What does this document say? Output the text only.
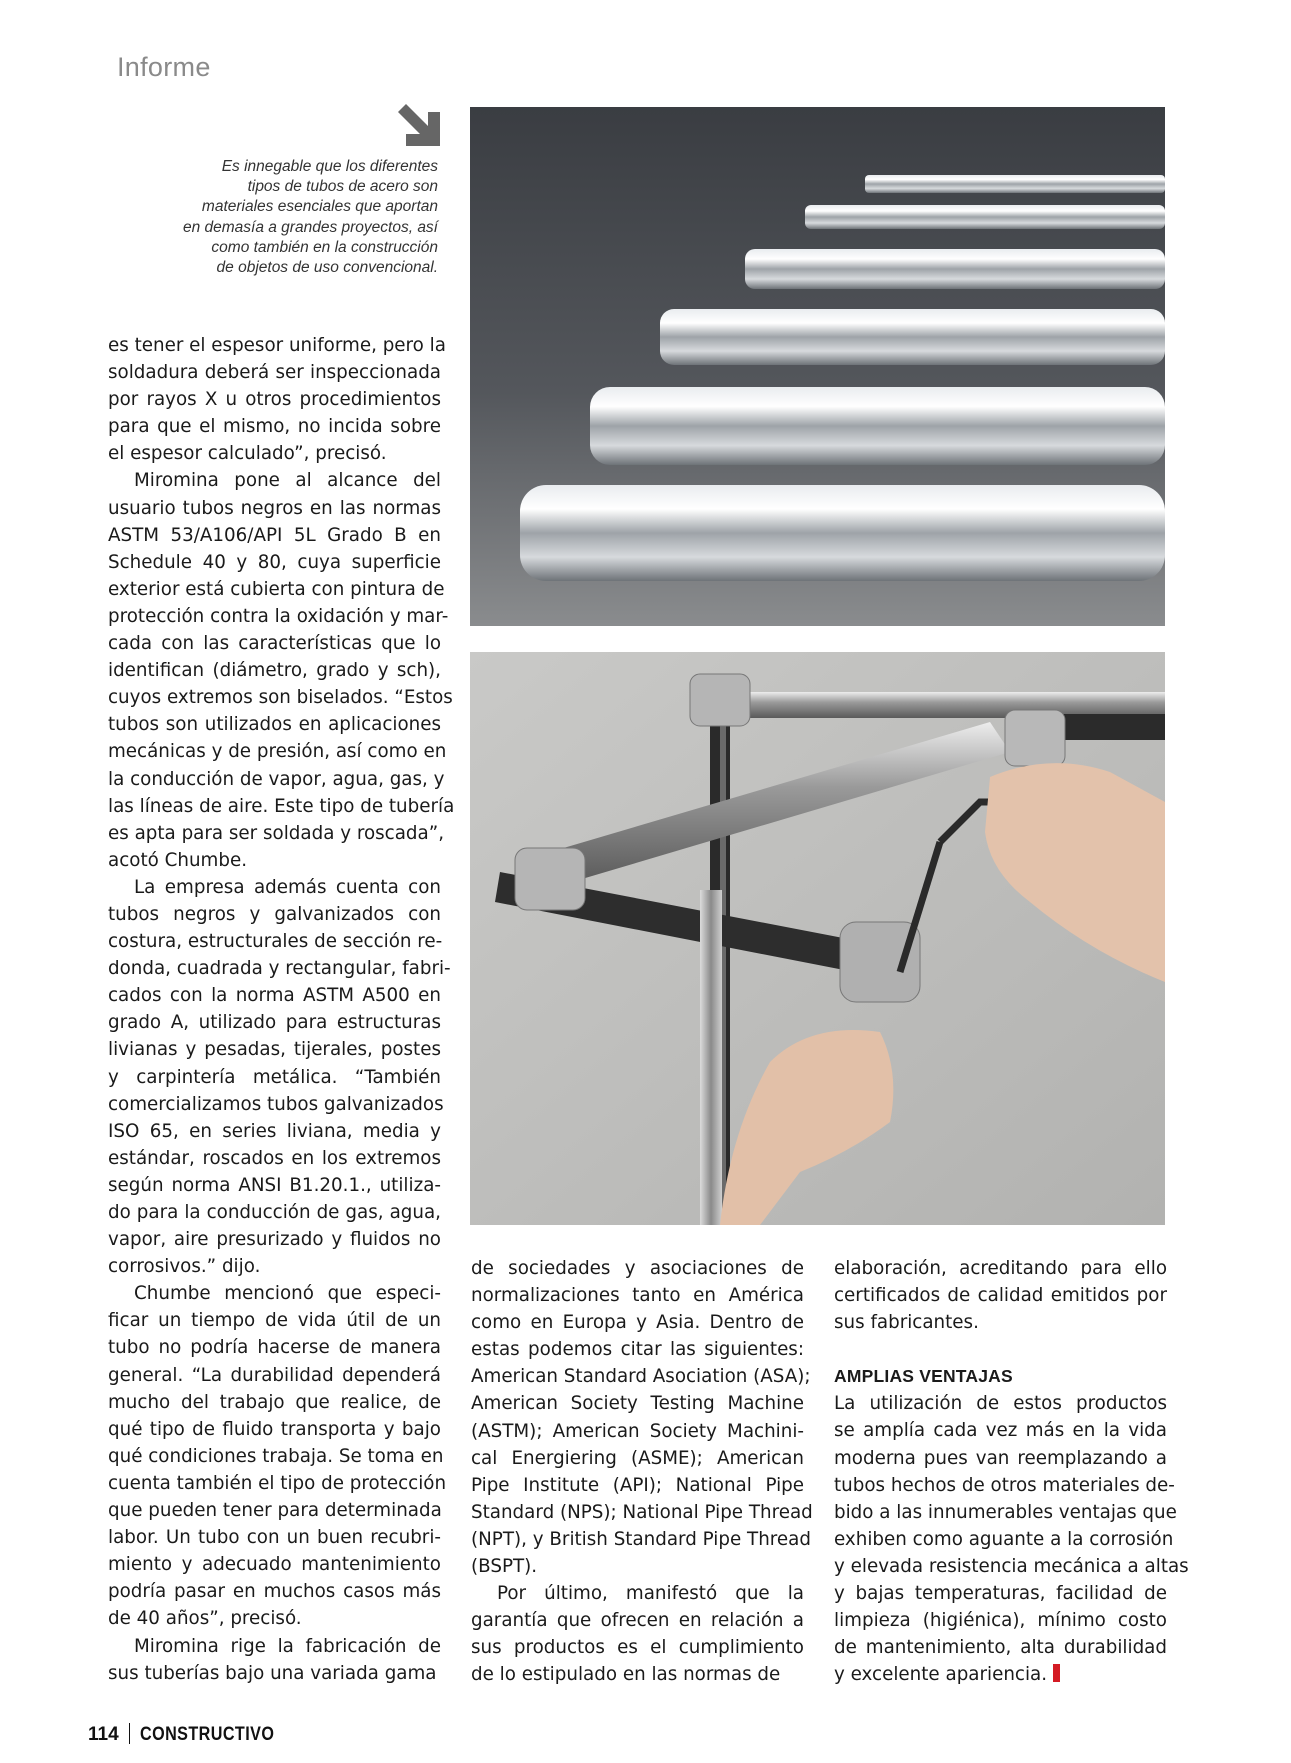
Informe
Es innegable que los diferentes
tipos de tubos de acero son
materiales esenciales que aportan
en demasía a grandes proyectos, así
como también en la construcción
de objetos de uso convencional.

es tener el espesor uniforme, pero la
soldadura deberá ser inspeccionada
por rayos X u otros procedimientos
para que el mismo, no incida sobre
el espesor calculado”, precisó.

Miromina pone al alcance del
usuario tubos negros en las normas
ASTM 53/A106/API 5L Grado B en
Schedule 40 y 80, cuya superficie
exterior está cubierta con pintura de
protección contra la oxidación y mar-
cada con las características que lo
identifican (diámetro, grado y sch),
cuyos extremos son biselados. “Estos
tubos son utilizados en aplicaciones
mecánicas y de presión, así como en
la conducción de vapor, agua, gas, y
las líneas de aire. Este tipo de tubería
es apta para ser soldada y roscada”,
acotó Chumbe.

La empresa además cuenta con
tubos negros y galvanizados con
costura, estructurales de sección re-
donda, cuadrada y rectangular, fabri-
cados con la norma ASTM A500 en
grado A, utilizado para estructuras
livianas y pesadas, tijerales, postes
y carpintería metálica. “También
comercializamos tubos galvanizados
ISO 65, en series liviana, media y
estándar, roscados en los extremos
según norma ANSI B1.20.1., utiliza-
do para la conducción de gas, agua,
vapor, aire presurizado y fluidos no
corrosivos.” dijo.

Chumbe mencionó que especi-
ficar un tiempo de vida útil de un
tubo no podría hacerse de manera
general. “La durabilidad dependerá
mucho del trabajo que realice, de
qué tipo de fluido transporta y bajo
qué condiciones trabaja. Se toma en
cuenta también el tipo de protección
que pueden tener para determinada
labor. Un tubo con un buen recubri-
miento y adecuado mantenimiento
podría pasar en muchos casos más
de 40 años”, precisó.

Miromina rige la fabricación de
sus tuberías bajo una variada gama

de sociedades y asociaciones de
normalizaciones tanto en América
como en Europa y Asia. Dentro de
estas podemos citar las siguientes:
American Standard Asociation (ASA);
American Society Testing Machine
(ASTM); American Society Machini-
cal Energiering (ASME); American
Pipe Institute (API); National Pipe
Standard (NPS); National Pipe Thread
(NPT), y British Standard Pipe Thread
(BSPT).

Por último, manifestó que la
garantía que ofrecen en relación a
sus productos es el cumplimiento
de lo estipulado en las normas de

elaboración, acreditando para ello
certificados de calidad emitidos por
sus fabricantes.

AMPLIAS VENTAJAS

La utilización de estos productos
se amplía cada vez más en la vida
moderna pues van reemplazando a
tubos hechos de otros materiales de-
bido a las innumerables ventajas que
exhiben como aguante a la corrosión
y elevada resistencia mecánica a altas
y bajas temperaturas, facilidad de
limpieza (higiénica), mínimo costo
de mantenimiento, alta durabilidad
y excelente apariencia.

114 CONSTRUCTIVO
